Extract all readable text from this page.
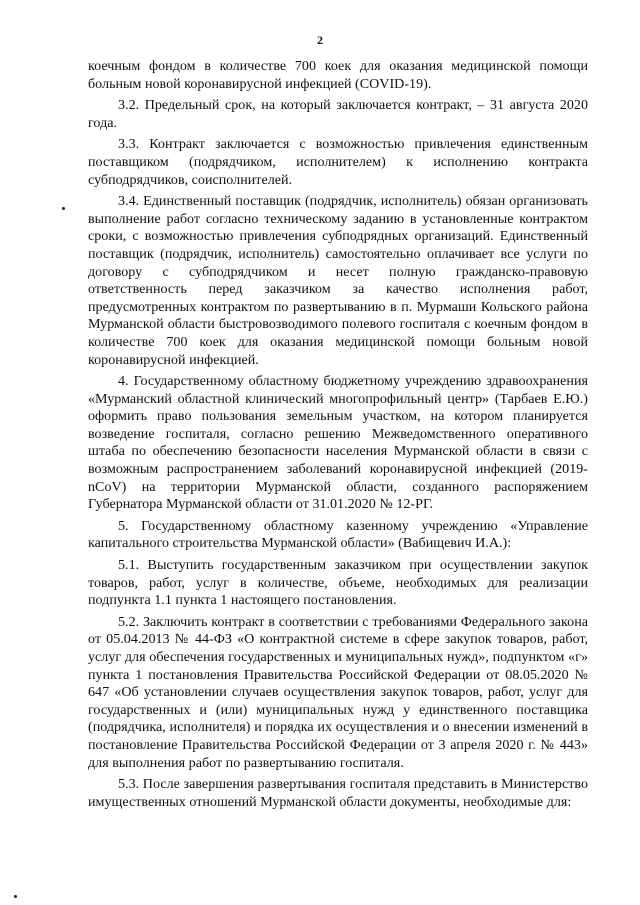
2

коечным фондом в количестве 700 коек для оказания медицинской помощи больным новой коронавирусной инфекцией (COVID-19).

3.2. Предельный срок, на который заключается контракт, – 31 августа 2020 года.

3.3. Контракт заключается с возможностью привлечения единственным поставщиком (подрядчиком, исполнителем) к исполнению контракта субподрядчиков, соисполнителей.

3.4. Единственный поставщик (подрядчик, исполнитель) обязан организовать выполнение работ согласно техническому заданию в установленные контрактом сроки, с возможностью привлечения субподрядных организаций. Единственный поставщик (подрядчик, исполнитель) самостоятельно оплачивает все услуги по договору с субподрядчиком и несет полную гражданско-правовую ответственность перед заказчиком за качество исполнения работ, предусмотренных контрактом по развертыванию в п. Мурмаши Кольского района Мурманской области быстровозводимого полевого госпиталя с коечным фондом в количестве 700 коек для оказания медицинской помощи больным новой коронавирусной инфекцией.

4. Государственному областному бюджетному учреждению здравоохранения «Мурманский областной клинический многопрофильный центр» (Тарбаев Е.Ю.) оформить право пользования земельным участком, на котором планируется возведение госпиталя, согласно решению Межведомственного оперативного штаба по обеспечению безопасности населения Мурманской области в связи с возможным распространением заболеваний коронавирусной инфекцией (2019-nCoV) на территории Мурманской области, созданного распоряжением Губернатора Мурманской области от 31.01.2020 № 12-РГ.

5. Государственному областному казенному учреждению «Управление капитального строительства Мурманской области» (Вабищевич И.А.):

5.1. Выступить государственным заказчиком при осуществлении закупок товаров, работ, услуг в количестве, объеме, необходимых для реализации подпункта 1.1 пункта 1 настоящего постановления.

5.2. Заключить контракт в соответствии с требованиями Федерального закона от 05.04.2013 № 44-ФЗ «О контрактной системе в сфере закупок товаров, работ, услуг для обеспечения государственных и муниципальных нужд», подпунктом «г» пункта 1 постановления Правительства Российской Федерации от 08.05.2020 № 647 «Об установлении случаев осуществления закупок товаров, работ, услуг для государственных и (или) муниципальных нужд у единственного поставщика (подрядчика, исполнителя) и порядка их осуществления и о внесении изменений в постановление Правительства Российской Федерации от 3 апреля 2020 г. № 443» для выполнения работ по развертыванию госпиталя.

5.3. После завершения развертывания госпиталя представить в Министерство имущественных отношений Мурманской области документы, необходимые для:
